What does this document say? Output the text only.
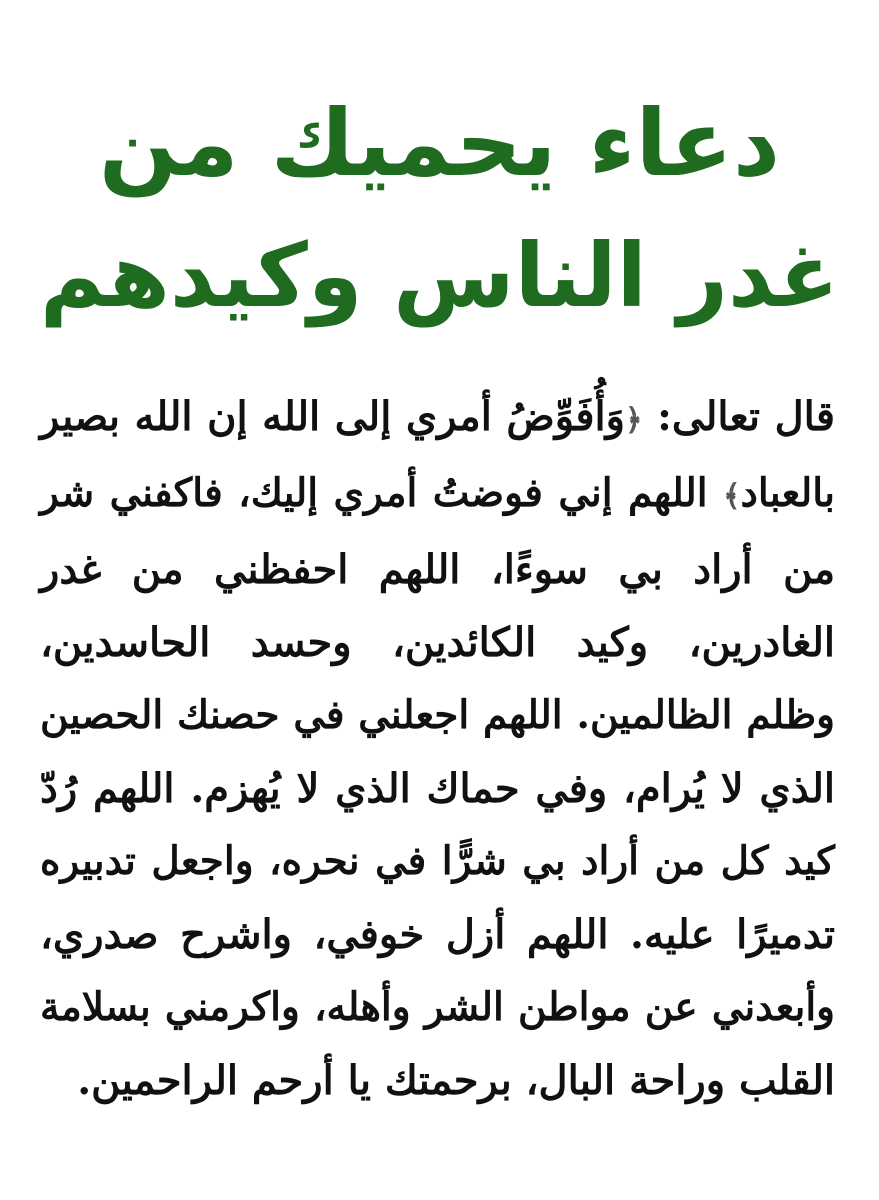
دعاء يحميك من
غدر الناس وكيدهم
قال تعالى: ﴿وَأُفَوِّضُ أمري إلى الله إن الله بصير
بالعباد﴾ اللهم إني فوضتُ أمري إليك، فاكفني شر
من أراد بي سوءًا، اللهم احفظني من غدر
الغادرين، وكيد الكائدين، وحسد الحاسدين،
وظلم الظالمين. اللهم اجعلني في حصنك الحصين
الذي لا يُرام، وفي حماك الذي لا يُهزم. اللهم رُدّ
كيد كل من أراد بي شرًّا في نحره، واجعل تدبيره
تدميرًا عليه. اللهم أزل خوفي، واشرح صدري،
وأبعدني عن مواطن الشر وأهله، واكرمني بسلامة
القلب وراحة البال، برحمتك يا أرحم الراحمين.
